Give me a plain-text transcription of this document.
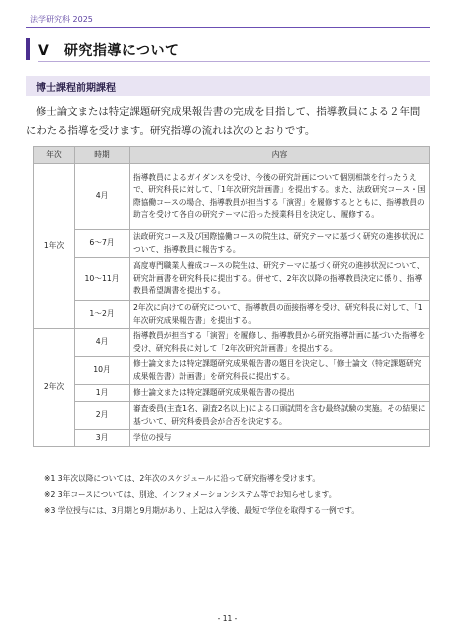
法学研究科 2025
Ⅴ　研究指導について
博士課程前期課程

修士論文または特定課題研究成果報告書の完成を目指して、指導教員による２年間にわたる指導を受けます。研究指導の流れは次のとおりです。

年次	時期	内容
1年次	4月	指導教員によるガイダンスを受け、今後の研究計画について個別相談を行ったうえで、研究科長に対して、「1年次研究計画書」を提出する。また、法政研究コース・国際協働コースの場合、指導教員が担当する「演習」を履修するとともに、指導教員の助言を受けて各自の研究テーマに沿った授業科目を決定し、履修する。
	6～7月	法政研究コース及び国際協働コースの院生は、研究テーマに基づく研究の進捗状況について、指導教員に報告する。
	10～11月	高度専門職業人養成コースの院生は、研究テーマに基づく研究の進捗状況について、研究計画書を研究科長に提出する。併せて、2年次以降の指導教員決定に係り、指導教員希望調書を提出する。
	1～2月	2年次に向けての研究について、指導教員の面接指導を受け、研究科長に対して、「1年次研究成果報告書」を提出する。
2年次	4月	指導教員が担当する「演習」を履修し、指導教員から研究指導計画に基づいた指導を受け、研究科長に対して「2年次研究計画書」を提出する。
	10月	修士論文または特定課題研究成果報告書の題目を決定し、「修士論文（特定課題研究成果報告書）計画書」を研究科長に提出する。
	1月	修士論文または特定課題研究成果報告書の提出
	2月	審査委員(主査1名、副査2名以上)による口頭試問を含む最終試験の実施。その結果に基づいて、研究科委員会が合否を決定する。
	3月	学位の授与
※1 3年次以降については、2年次のスケジュールに沿って研究指導を受けます。
※2 3年コースについては、別途、インフォメーションシステム等でお知らせします。
※3 学位授与には、3月期と9月期があり、上記は入学後、最短で学位を取得する一例です。
- 11 -
